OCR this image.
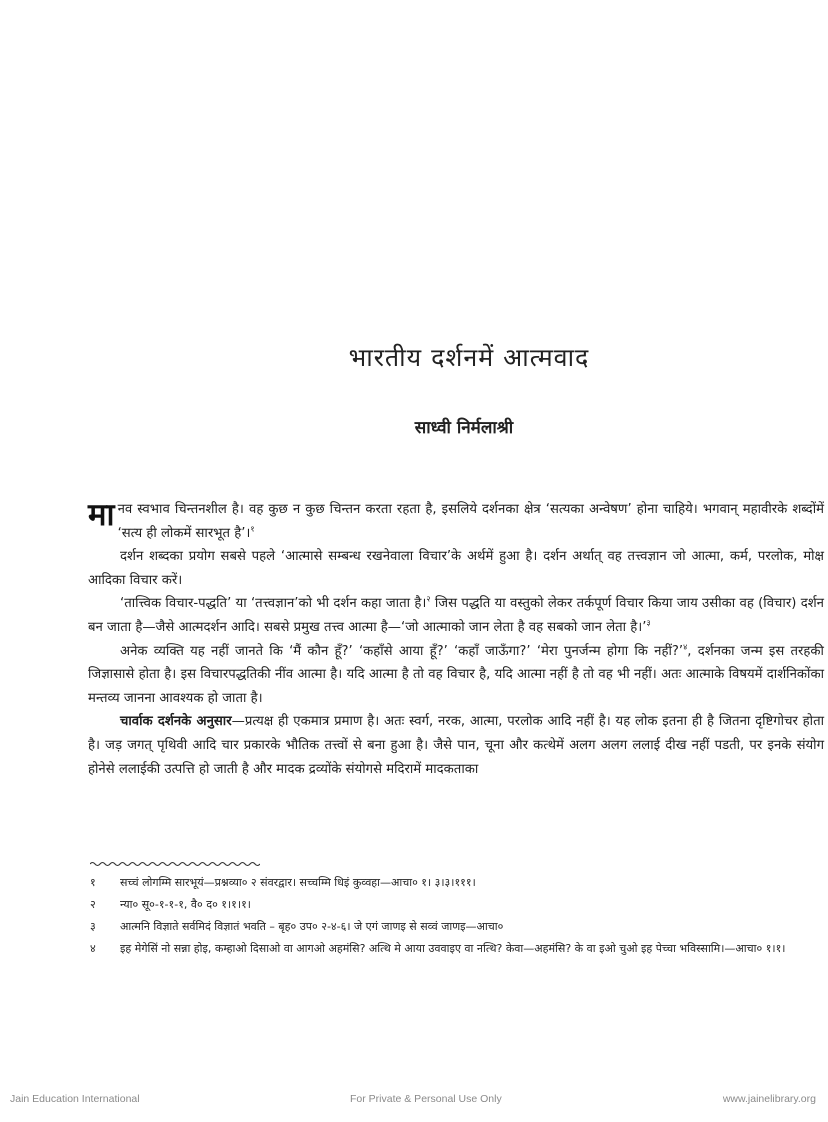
भारतीय दर्शनमें आत्मवाद
साध्वी निर्मलाश्री

मानव स्वभाव चिन्तनशील है। वह कुछ न कुछ चिन्तन करता रहता है, इसलिये दर्शनका क्षेत्र ‘सत्यका अन्वेषण’ होना चाहिये। भगवान् महावीरके शब्दोंमें ‘सत्य ही लोकमें सारभूत है’।$^१$

दर्शन शब्दका प्रयोग सबसे पहले ‘आत्मासे सम्बन्ध रखनेवाला विचार’के अर्थमें हुआ है। दर्शन अर्थात् वह तत्त्वज्ञान जो आत्मा, कर्म, परलोक, मोक्ष आदिका विचार करें।

‘तात्त्विक विचार-पद्धति’ या ‘तत्त्वज्ञान’को भी दर्शन कहा जाता है।$^२$ जिस पद्धति या वस्तुको लेकर तर्कपूर्ण विचार किया जाय उसीका वह (विचार) दर्शन बन जाता है—जैसे आत्मदर्शन आदि। सबसे प्रमुख तत्त्व आत्मा है—‘जो आत्माको जान लेता है वह सबको जान लेता है।’$^३$

अनेक व्यक्ति यह नहीं जानते कि ‘मैं कौन हूँ?’ ‘कहाँसे आया हूँ?’ ‘कहाँ जाऊँगा?’ ‘मेरा पुनर्जन्म होगा कि नहीं?’$^४$, दर्शनका जन्म इस तरहकी जिज्ञासासे होता है। इस विचारपद्धतिकी नींव आत्मा है। यदि आत्मा है तो वह विचार है, यदि आत्मा नहीं है तो वह भी नहीं। अतः आत्माके विषयमें दार्शनिकोंका मन्तव्य जानना आवश्यक हो जाता है।

चार्वाक दर्शनके अनुसार—प्रत्यक्ष ही एकमात्र प्रमाण है। अतः स्वर्ग, नरक, आत्मा, परलोक आदि नहीं है। यह लोक इतना ही है जितना दृष्टिगोचर होता है। जड़ जगत् पृथिवी आदि चार प्रकारके भौतिक तत्त्वों से बना हुआ है। जैसे पान, चूना और कत्थेमें अलग अलग ललाई दीख नहीं पडती, पर इनके संयोग होनेसे ललाईकी उत्पत्ति हो जाती है और मादक द्रव्योंके संयोगसे मदिरामें मादकताका

१	सच्चं लोगम्मि सारभूयं—प्रश्नव्या० २ संवरद्वार। सच्चम्मि धिइं कुव्वहा—आचा० १। ३।३।१११।
२	न्या० सू०-१-१-१, वै० द० १।१।१।
३	आत्मनि विज्ञाते सर्वमिदं विज्ञातं भवति – बृह० उप० २-४-६। जे एगं जाणइ से सव्वं जाणइ—आचा०
४	इह मेगेसिं नो सन्ना होइ, कम्हाओ दिसाओ वा आगओ अहमंसि? अत्थि मे आया उववाइए वा नत्थि? केवा—अहमंसि? के वा इओ चुओ इह पेच्चा भविस्सामि।—आचा० १।१।
Jain Education International	For Private & Personal Use Only	www.jainelibrary.org
